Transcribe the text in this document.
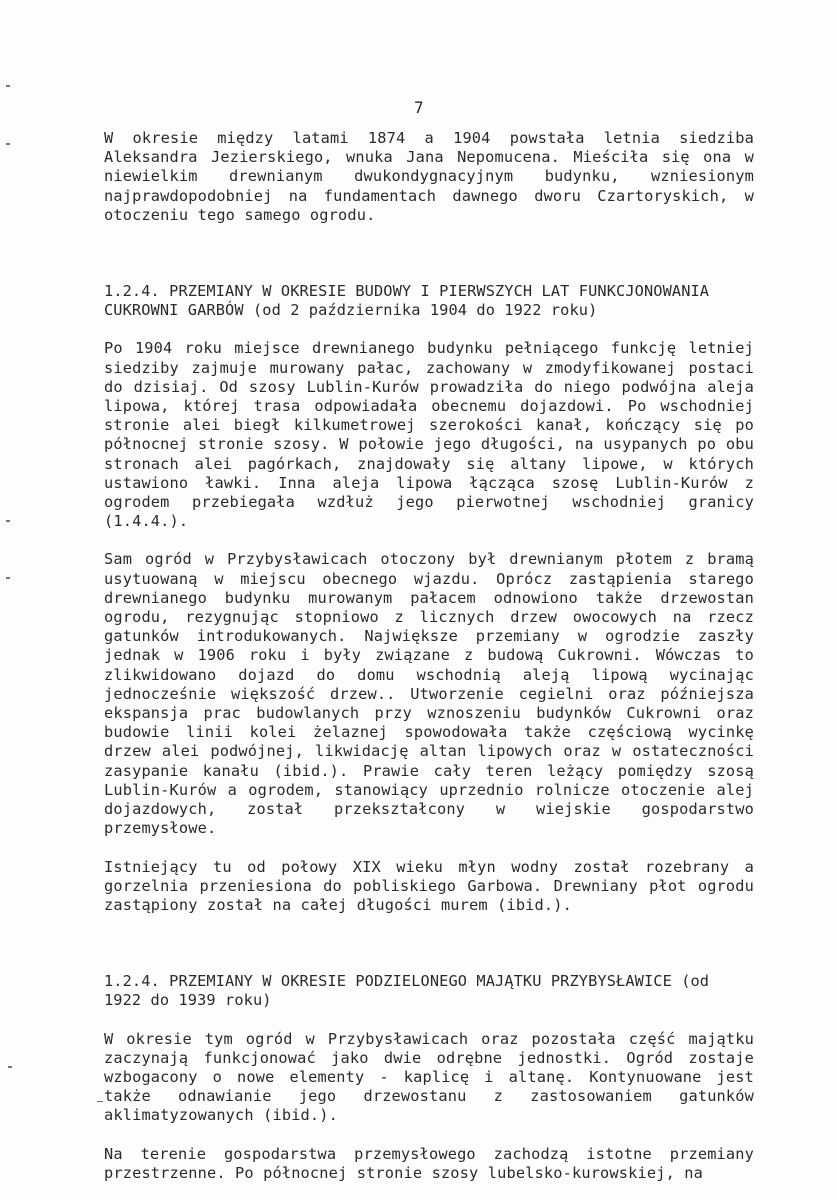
7

W okresie między latami 1874 a 1904 powstała letnia siedziba Aleksandra Jezierskiego, wnuka Jana Nepomucena. Mieściła się ona w niewielkim drewnianym dwukondygnacyjnym budynku, wzniesionym najprawdopodobniej na fundamentach dawnego dworu Czartoryskich, w otoczeniu tego samego ogrodu.

1.2.4. PRZEMIANY W OKRESIE BUDOWY I PIERWSZYCH LAT FUNKCJONOWANIA CUKROWNI GARBÓW (od 2 października 1904 do 1922 roku)

Po 1904 roku miejsce drewnianego budynku pełniącego funkcję letniej siedziby zajmuje murowany pałac, zachowany w zmodyfikowanej postaci do dzisiaj. Od szosy Lublin-Kurów prowadziła do niego podwójna aleja lipowa, której trasa odpowiadała obecnemu dojazdowi. Po wschodniej stronie alei biegł kilkumetrowej szerokości kanał, kończący się po północnej stronie szosy. W połowie jego długości, na usypanych po obu stronach alei pagórkach, znajdowały się altany lipowe, w których ustawiono ławki. Inna aleja lipowa łącząca szosę Lublin-Kurów z ogrodem przebiegała wzdłuż jego pierwotnej wschodniej granicy (1.4.4.).

Sam ogród w Przybysławicach otoczony był drewnianym płotem z bramą usytuowaną w miejscu obecnego wjazdu. Oprócz zastąpienia starego drewnianego budynku murowanym pałacem odnowiono także drzewostan ogrodu, rezygnując stopniowo z licznych drzew owocowych na rzecz gatunków introdukowanych. Największe przemiany w ogrodzie zaszły jednak w 1906 roku i były związane z budową Cukrowni. Wówczas to zlikwidowano dojazd do domu wschodnią aleją lipową wycinając jednocześnie większość drzew.. Utworzenie cegielni oraz późniejsza ekspansja prac budowlanych przy wznoszeniu budynków Cukrowni oraz budowie linii kolei żelaznej spowodowała także częściową wycinkę drzew alei podwójnej, likwidację altan lipowych oraz w ostateczności zasypanie kanału (ibid.). Prawie cały teren leżący pomiędzy szosą Lublin-Kurów a ogrodem, stanowiący uprzednio rolnicze otoczenie alej dojazdowych, został przekształcony w wiejskie gospodarstwo przemysłowe.

Istniejący tu od połowy XIX wieku młyn wodny został rozebrany a gorzelnia przeniesiona do pobliskiego Garbowa. Drewniany płot ogrodu zastąpiony został na całej długości murem (ibid.).

1.2.4. PRZEMIANY W OKRESIE PODZIELONEGO MAJĄTKU PRZYBYSŁAWICE (od 1922 do 1939 roku)

W okresie tym ogród w Przybysławicach oraz pozostała część majątku zaczynają funkcjonować jako dwie odrębne jednostki. Ogród zostaje wzbogacony o nowe elementy - kaplicę i altanę. Kontynuowane jest także odnawianie jego drzewostanu z zastosowaniem gatunków aklimatyzowanych (ibid.).

Na terenie gospodarstwa przemysłowego zachodzą istotne przemiany przestrzenne. Po północnej stronie szosy lubelsko-kurowskiej, na
